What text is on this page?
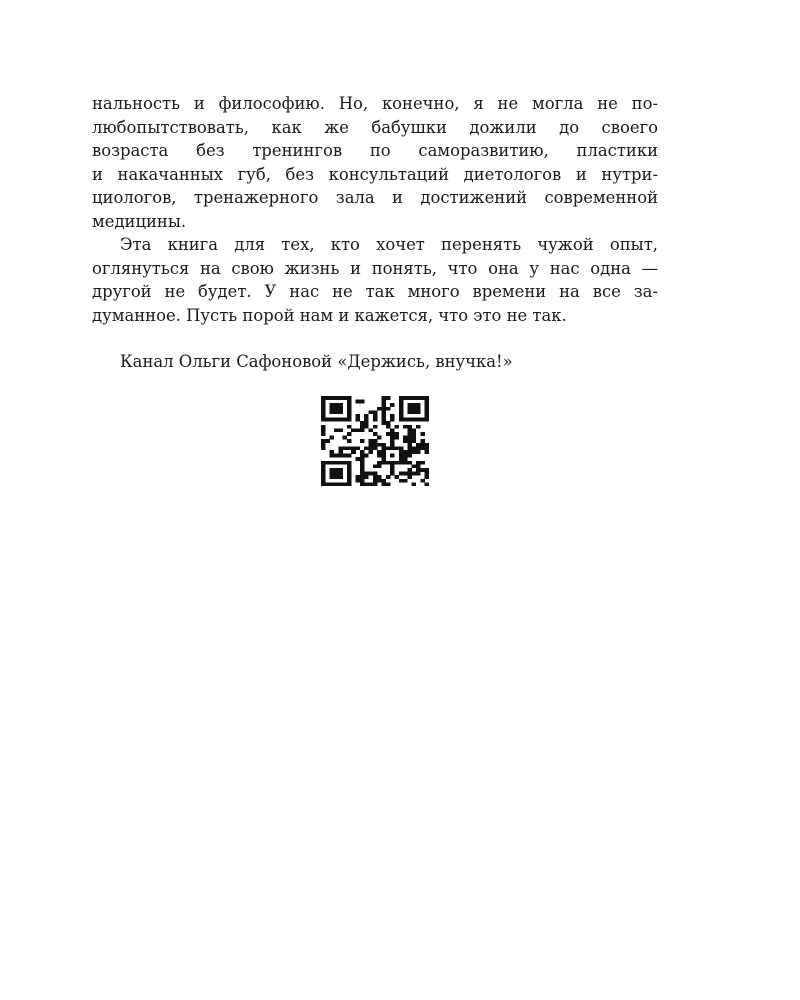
нальность и философию. Но, конечно, я не могла не по-
любопытствовать, как же бабушки дожили до своего
возраста без тренингов по саморазвитию, пластики
и накачанных губ, без консультаций диетологов и нутри-
циологов, тренажерного зала и достижений современной
медицины.
Эта книга для тех, кто хочет перенять чужой опыт,
оглянуться на свою жизнь и понять, что она у нас одна —
другой не будет. У нас не так много времени на все за-
думанное. Пусть порой нам и кажется, что это не так.
Канал Ольги Сафоновой «Держись, внучка!»
